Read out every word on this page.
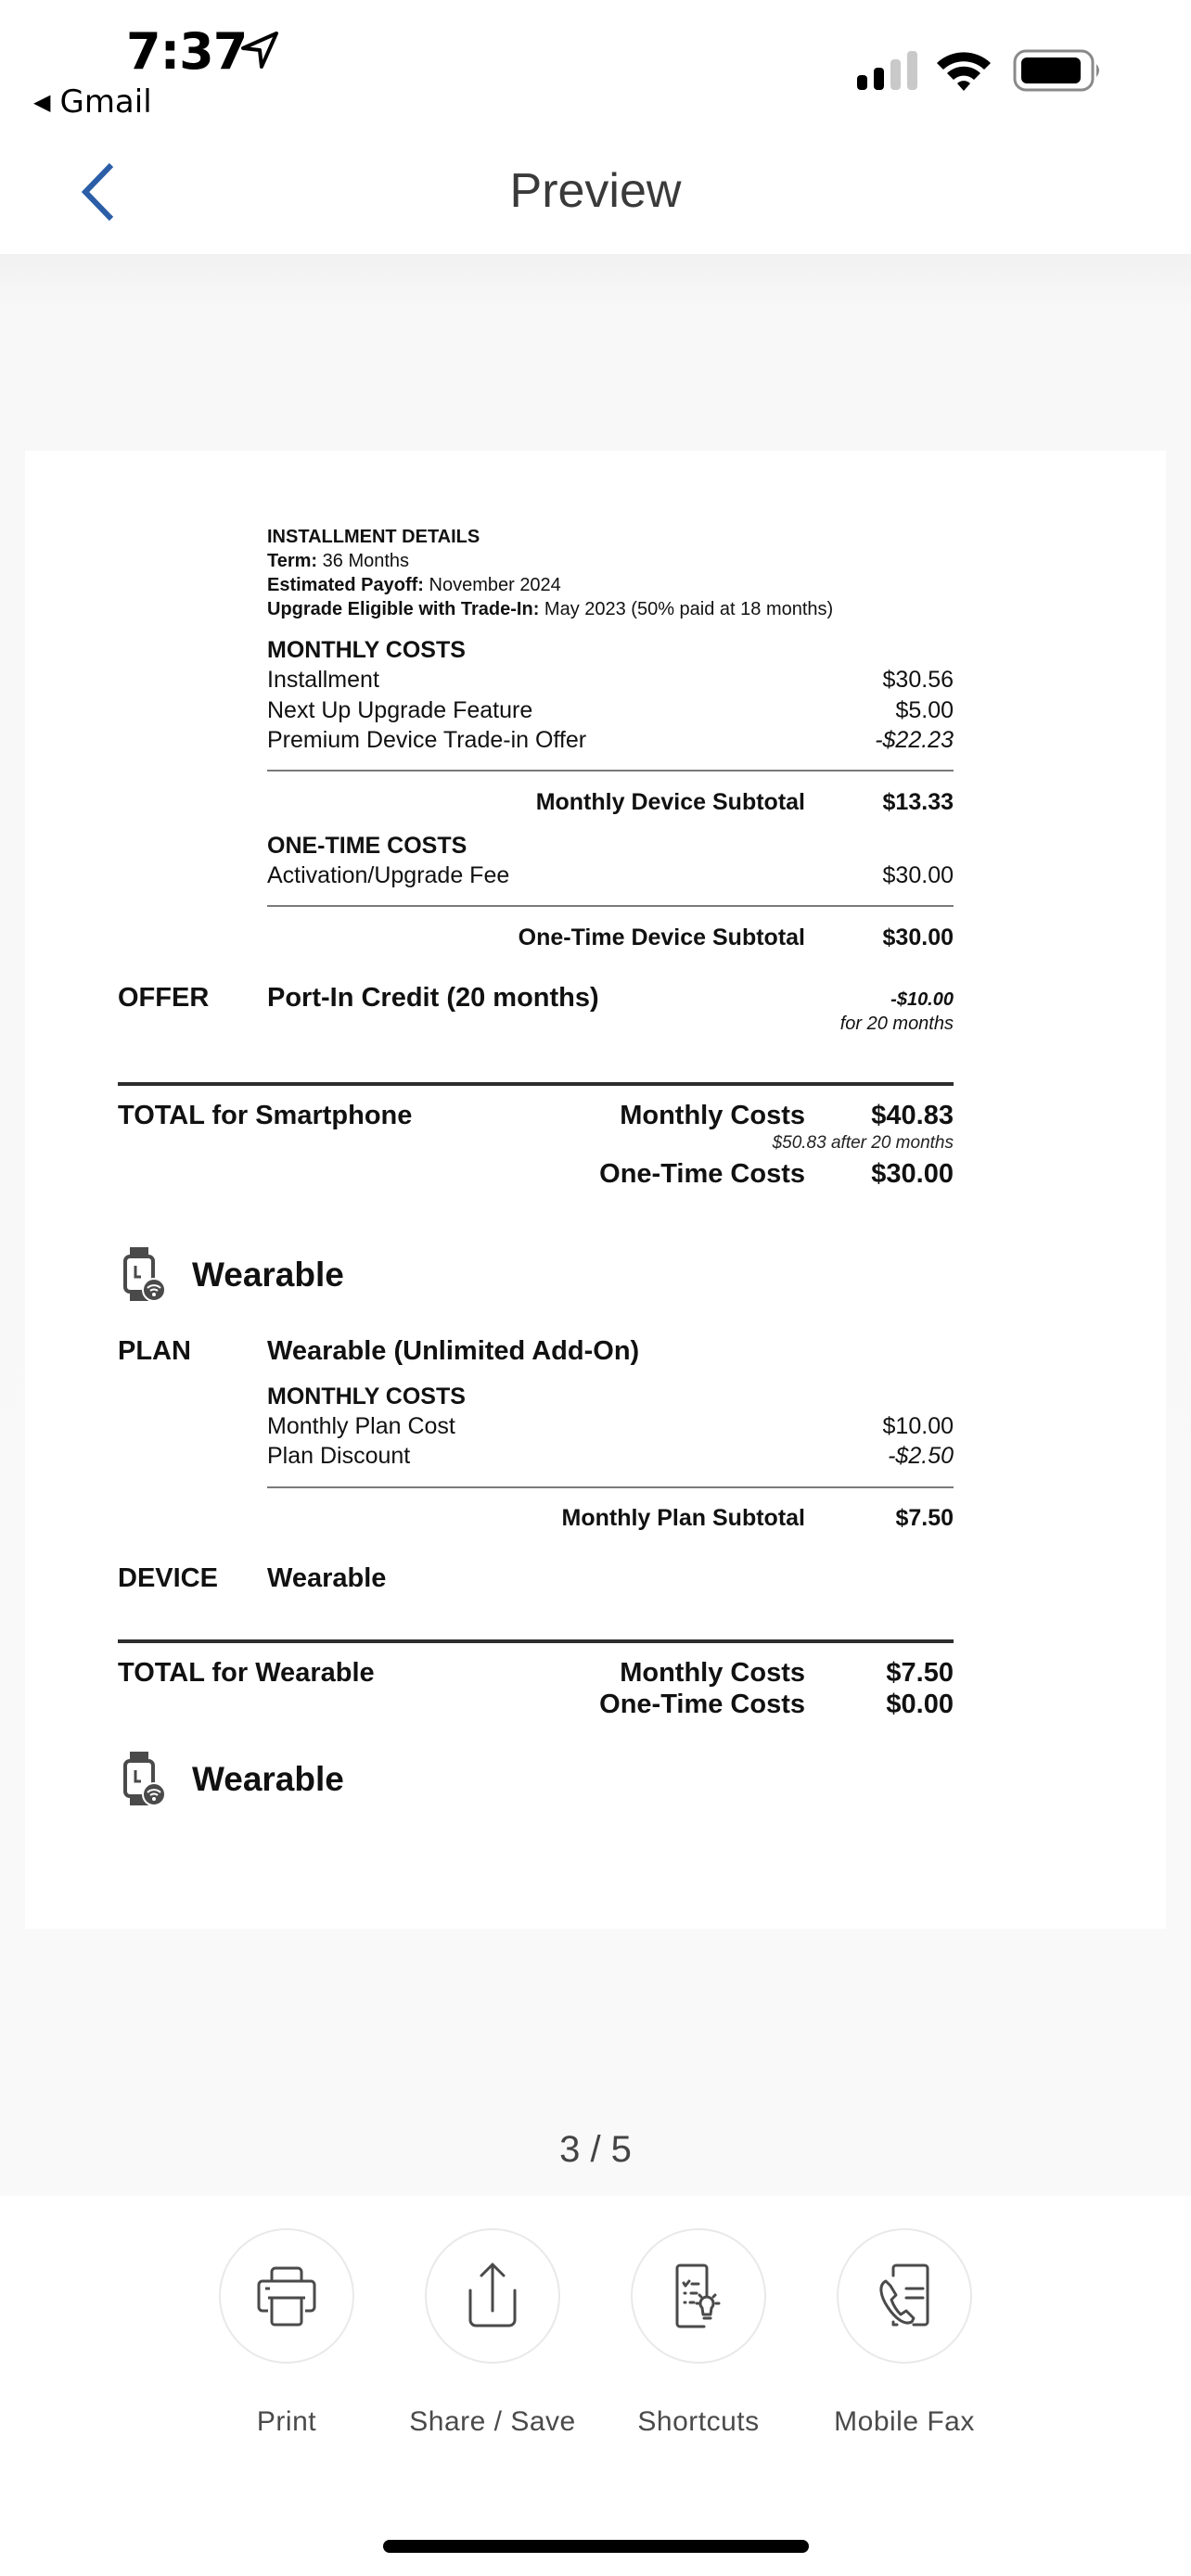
7:37
◀ Gmail
Preview
INSTALLMENT DETAILS
Term: 36 Months
Estimated Payoff: November 2024
Upgrade Eligible with Trade-In: May 2023 (50% paid at 18 months)
MONTHLY COSTS
Installment	$30.56
Next Up Upgrade Feature	$5.00
Premium Device Trade-in Offer	-$22.23
Monthly Device Subtotal	$13.33
ONE-TIME COSTS
Activation/Upgrade Fee	$30.00
One-Time Device Subtotal	$30.00
OFFER Port-In Credit (20 months)	-$10.00
for 20 months
TOTAL for Smartphone	Monthly Costs	$40.83
$50.83 after 20 months
One-Time Costs	$30.00
Wearable
PLAN	Wearable (Unlimited Add-On)
MONTHLY COSTS
Monthly Plan Cost	$10.00
Plan Discount	-$2.50
Monthly Plan Subtotal	$7.50
DEVICE Wearable
TOTAL for Wearable	Monthly Costs	$7.50
One-Time Costs	$0.00
Wearable
3 / 5
Print	Share / Save	Shortcuts	Mobile Fax
